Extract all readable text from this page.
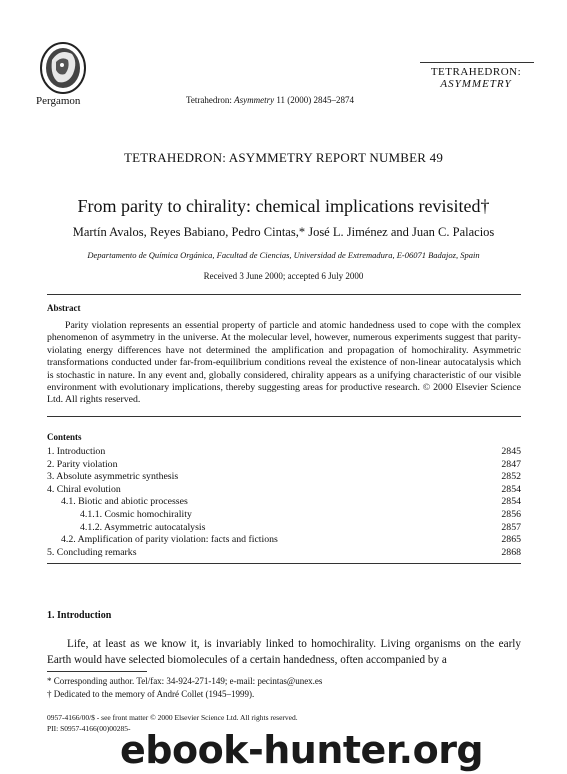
Pergamon	Tetrahedron: Asymmetry 11 (2000) 2845–2874
TETRAHEDRON:
ASYMMETRY
TETRAHEDRON: ASYMMETRY REPORT NUMBER 49
From parity to chirality: chemical implications revisited†
Martín Avalos, Reyes Babiano, Pedro Cintas,* José L. Jiménez and Juan C. Palacios
Departamento de Química Orgánica, Facultad de Ciencias, Universidad de Extremadura, E-06071 Badajoz, Spain
Received 3 June 2000; accepted 6 July 2000
Abstract
Parity violation represents an essential property of particle and atomic handedness used to cope with the complex phenomenon of asymmetry in the universe. At the molecular level, however, numerous experiments suggest that parity-violating energy differences have not determined the amplification and propagation of homochirality. Asymmetric transformations conducted under far-from-equilibrium conditions reveal the existence of non-linear autocatalysis which is stochastic in nature. In any event and, globally considered, chirality appears as a unifying characteristic of our visible environment with evolutionary implications, thereby suggesting areas for productive research. © 2000 Elsevier Science Ltd. All rights reserved.
Contents
1. Introduction	2845
2. Parity violation	2847
3. Absolute asymmetric synthesis	2852
4. Chiral evolution	2854
4.1. Biotic and abiotic processes	2854
4.1.1. Cosmic homochirality	2856
4.1.2. Asymmetric autocatalysis	2857
4.2. Amplification of parity violation: facts and fictions	2865
5. Concluding remarks	2868
1. Introduction
Life, at least as we know it, is invariably linked to homochirality. Living organisms on the early Earth would have selected biomolecules of a certain handedness, often accompanied by a
* Corresponding author. Tel/fax: 34-924-271-149; e-mail: pecintas@unex.es
† Dedicated to the memory of André Collet (1945–1999).
0957-4166/00/$ - see front matter © 2000 Elsevier Science Ltd. All rights reserved.
PII: S0957-4166(00)00285-
ebook-hunter.org
